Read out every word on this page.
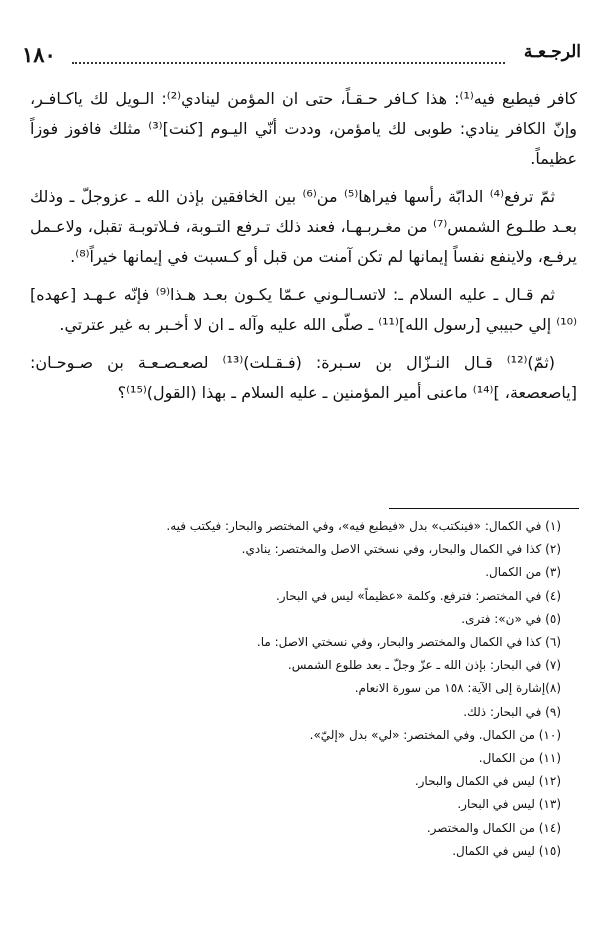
١٨٠	الرجـعـة

كافر فيطبع فيه⁽¹⁾: هذا كـافر حـقـاً، حتى ان المؤمن لينادي⁽²⁾: الـويل لك ياكـافـر، وإنّ الكافر ينادي: طوبى لك يامؤمن، وددت أنّي اليـوم [كنت]⁽³⁾ مثلك فافوز فوزاً عظيماً.

ثمّ ترفع⁽⁴⁾ الدابّة رأسها فيراها⁽⁵⁾ من⁽⁶⁾ بين الخافقين بإذن الله ـ عزوجلّ ـ وذلك بعـد طلـوع الشمس⁽⁷⁾ من مغـربـهـا، فعند ذلك تـرفع التـوبة، فـلاتوبـة تقبل، ولاعـمل يرفـع، ولاينفع نفساً إيمانها لم تكن آمنت من قبل أو كـسبت في إيمانها خيراً⁽⁸⁾.

ثم قـال ـ عليه السلام ـ: لاتسـالـوني عـمّا يكـون بعـد هـذا⁽⁹⁾ فإنّه عـهـد [عهده]⁽¹⁰⁾ إلي حبيبي [رسول الله]⁽¹¹⁾ ـ صلّى الله عليه وآله ـ ان لا أخـبر به غير عترتي.

(ثمّ)⁽¹²⁾ قـال النـزّال بن سـبرة: (فـقـلت)⁽¹³⁾ لصعـصـعـة بن صـوحـان: [ياصعصعة، ]⁽¹⁴⁾ ماعنى أمير المؤمنين ـ عليه السلام ـ بهذا (القول)⁽¹⁵⁾؟

(١) في الكمال: «فينكتب» بدل «فيطبع فيه»، وفي المختصر والبحار: فيكتب فيه.
(٢) كذا في الكمال والبحار، وفي نسختي الاصل والمختصر: ينادي.
(٣) من الكمال.
(٤) في المختصر: فترفع. وكلمة «عظيماً» ليس في البحار.
(٥) في «ن»: فترى.
(٦) كذا في الكمال والمختصر والبحار، وفي نسختي الاصل: ما.
(٧) في البحار: بإذن الله ـ عزّ وجلّ ـ بعد طلوع الشمس.
(٨)إشارة إلى الآية: ١٥٨ من سورة الانعام.
(٩) في البحار: ذلك.
(١٠) من الكمال. وفي المختصر: «لي» بدل «إليّ».
(١١) من الكمال.
(١٢) ليس في الكمال والبحار.
(١٣) ليس في البحار.
(١٤) من الكمال والمختصر.
(١٥) ليس في الكمال.
